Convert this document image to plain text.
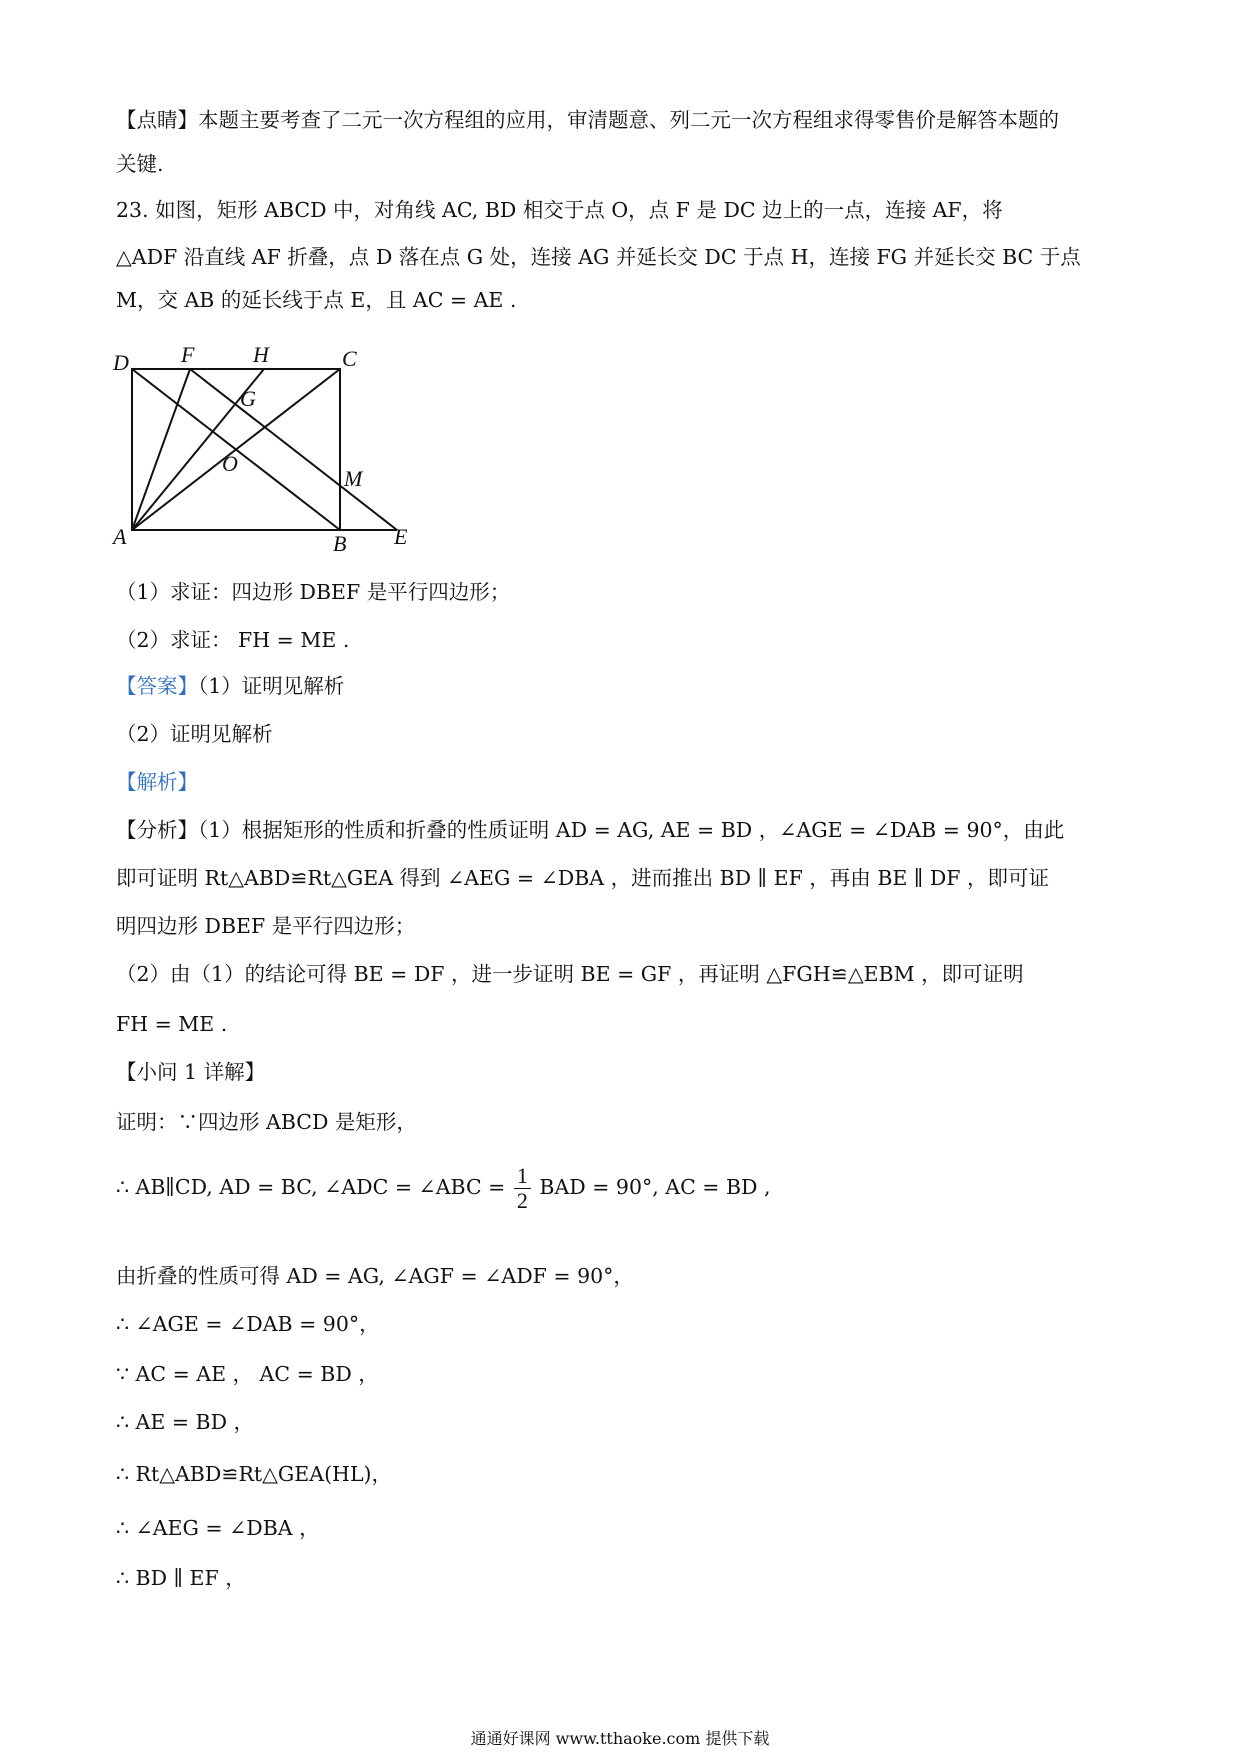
【点睛】本题主要考查了二元一次方程组的应用，审清题意、列二元一次方程组求得零售价是解答本题的
关键.
23. 如图，矩形 ABCD 中，对角线 AC, BD 相交于点 O，点 F 是 DC 边上的一点，连接 AF，将
△ADF 沿直线 AF 折叠，点 D 落在点 G 处，连接 AG 并延长交 DC 于点 H，连接 FG 并延长交 BC 于点
M，交 AB 的延长线于点 E，且 AC = AE .
D F	H	C
G
O
M
A	B E
（1）求证：四边形 DBEF 是平行四边形；
（2）求证： FH = ME .
【答案】（1）证明见解析
（2）证明见解析
【解析】
【分析】（1）根据矩形的性质和折叠的性质证明 AD = AG, AE = BD ，∠AGE = ∠DAB = 90°，由此
即可证明 Rt△ABD≌Rt△GEA 得到 ∠AEG = ∠DBA ，进而推出 BD ∥ EF ，再由 BE ∥ DF ，即可证
明四边形 DBEF 是平行四边形；
（2）由（1）的结论可得 BE = DF ，进一步证明 BE = GF ，再证明 △FGH≌△EBM ，即可证明
FH = ME .
【小问 1 详解】
证明：∵四边形 ABCD 是矩形，
∴ AB∥CD, AD = BC, ∠ADC = ∠ABC = $\frac{1}{2}$ BAD = 90°, AC = BD ,
由折叠的性质可得 AD = AG, ∠AGF = ∠ADF = 90°，
∴ ∠AGE = ∠DAB = 90°，
∵ AC = AE ， AC = BD ，
∴ AE = BD ，
∴ Rt△ABD≌Rt△GEA(HL)，
∴ ∠AEG = ∠DBA ，
∴ BD ∥ EF ，
通通好课网 www.tthaoke.com 提供下载
